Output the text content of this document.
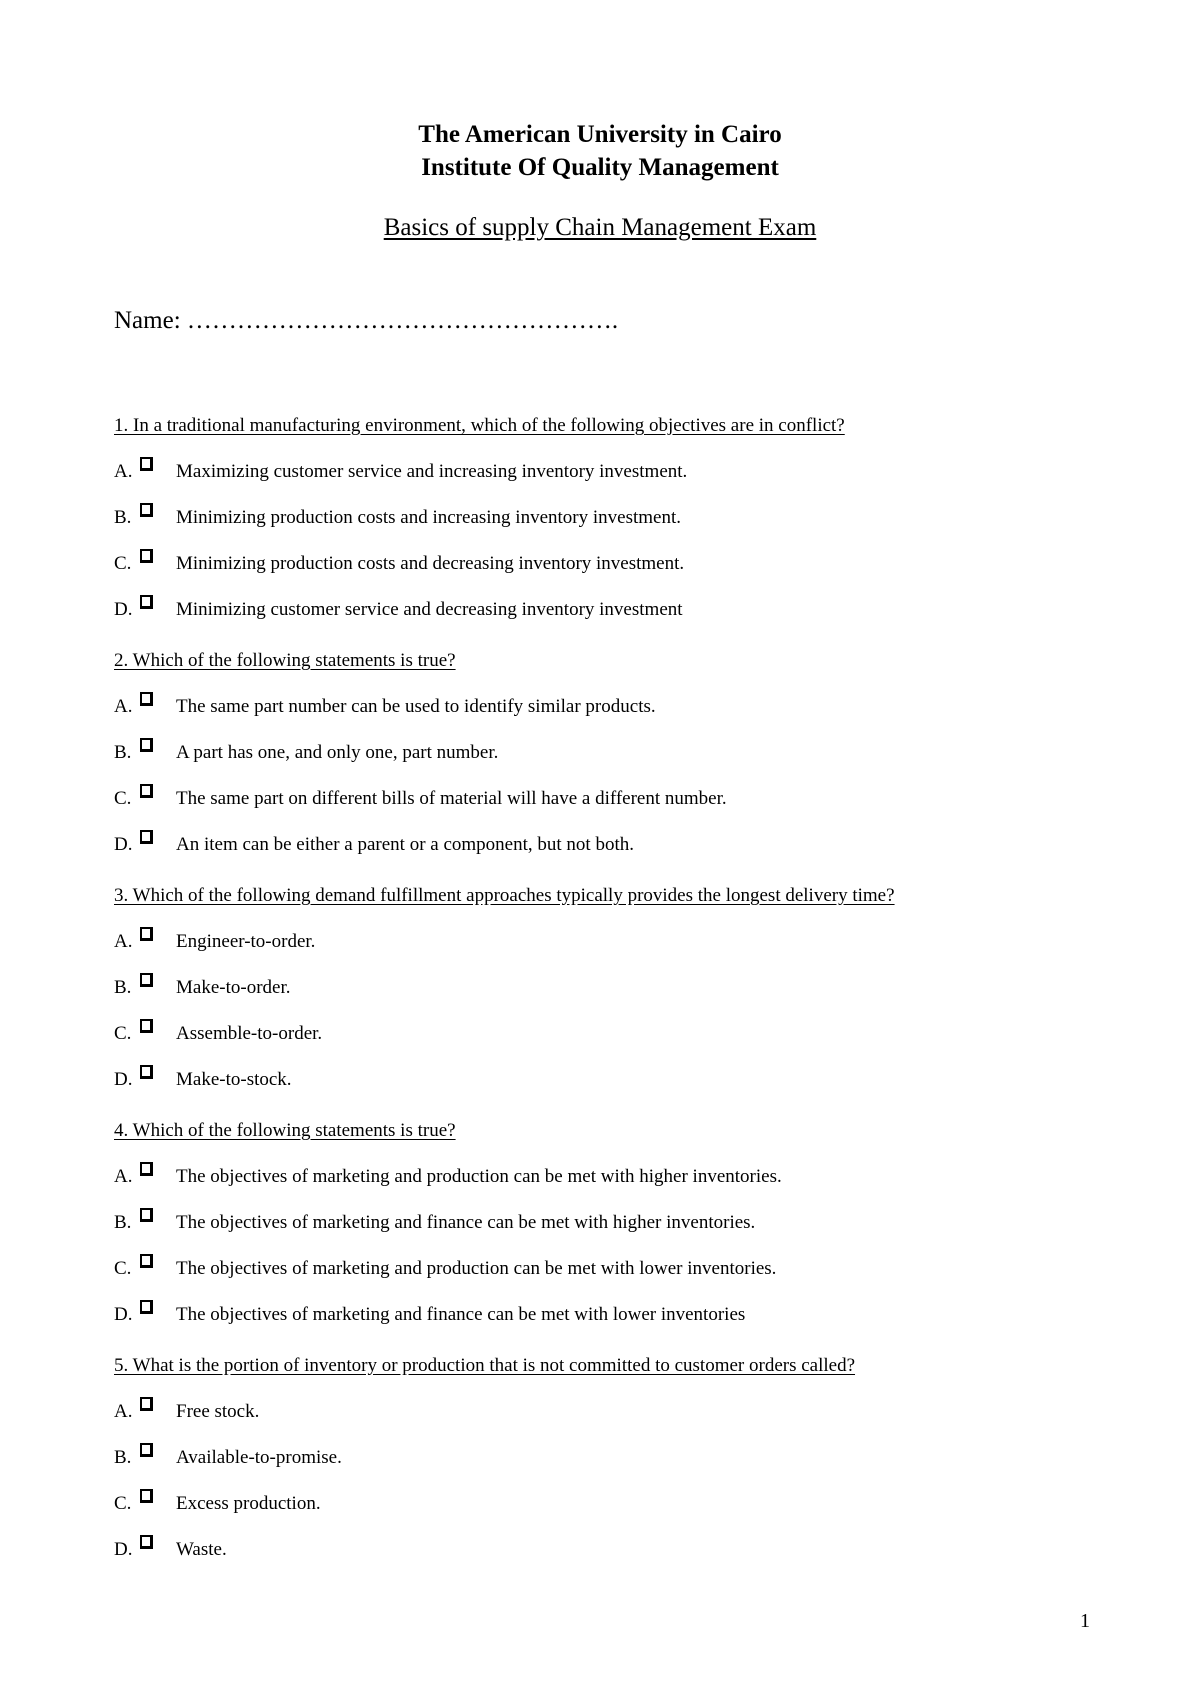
The American University in Cairo
Institute Of Quality Management
Basics of supply Chain Management Exam
Name: …………………………………………….
1. In a traditional manufacturing environment, which of the following objectives are in conflict?
A. Maximizing customer service and increasing inventory investment.
B. Minimizing production costs and increasing inventory investment.
C. Minimizing production costs and decreasing inventory investment.
D. Minimizing customer service and decreasing inventory investment
2. Which of the following statements is true?
A. The same part number can be used to identify similar products.
B. A part has one, and only one, part number.
C. The same part on different bills of material will have a different number.
D. An item can be either a parent or a component, but not both.
3. Which of the following demand fulfillment approaches typically provides the longest delivery time?
A. Engineer-to-order.
B. Make-to-order.
C. Assemble-to-order.
D. Make-to-stock.
4. Which of the following statements is true?
A. The objectives of marketing and production can be met with higher inventories.
B. The objectives of marketing and finance can be met with higher inventories.
C. The objectives of marketing and production can be met with lower inventories.
D. The objectives of marketing and finance can be met with lower inventories
5. What is the portion of inventory or production that is not committed to customer orders called?
A. Free stock.
B. Available-to-promise.
C. Excess production.
D. Waste.
1
